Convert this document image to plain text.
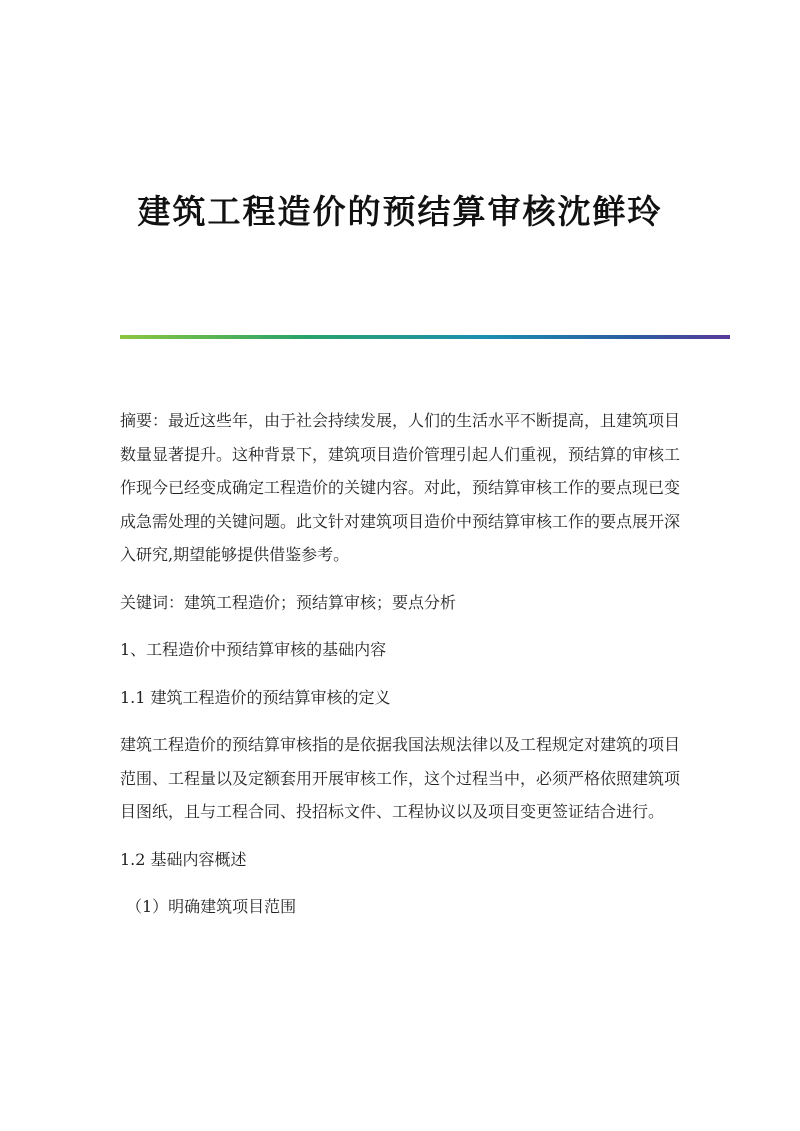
建筑工程造价的预结算审核沈鲜玲

摘要：最近这些年，由于社会持续发展，人们的生活水平不断提高，且建筑项目数量显著提升。这种背景下，建筑项目造价管理引起人们重视，预结算的审核工作现今已经变成确定工程造价的关键内容。对此，预结算审核工作的要点现已变成急需处理的关键问题。此文针对建筑项目造价中预结算审核工作的要点展开深入研究,期望能够提供借鉴参考。

关键词：建筑工程造价；预结算审核；要点分析

1、工程造价中预结算审核的基础内容

1.1 建筑工程造价的预结算审核的定义

建筑工程造价的预结算审核指的是依据我国法规法律以及工程规定对建筑的项目范围、工程量以及定额套用开展审核工作，这个过程当中，必须严格依照建筑项目图纸，且与工程合同、投招标文件、工程协议以及项目变更签证结合进行。

1.2 基础内容概述

（1）明确建筑项目范围
